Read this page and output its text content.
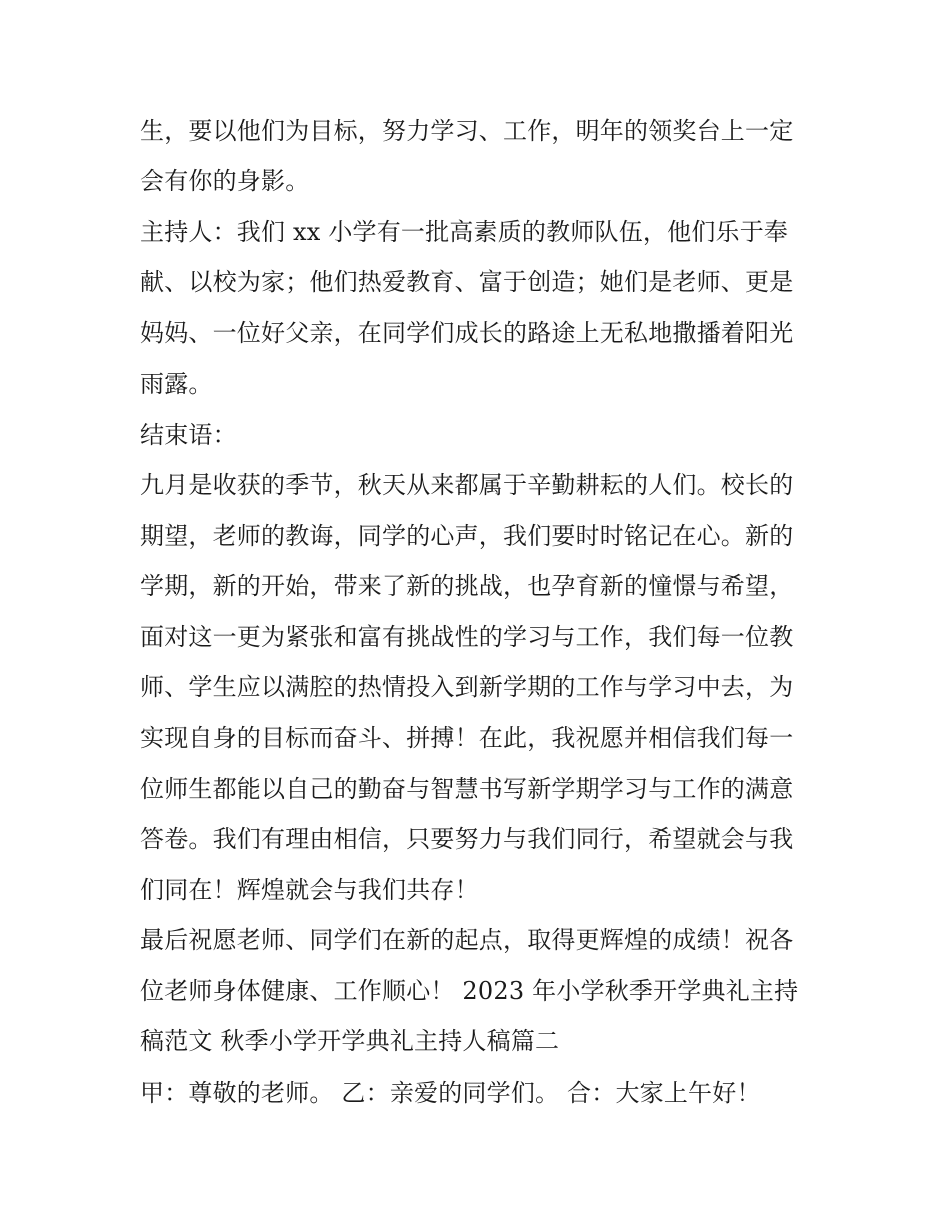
生，要以他们为目标，努力学习、工作，明年的领奖台上一定
会有你的身影。
主持人：我们 xx 小学有一批高素质的教师队伍，他们乐于奉
献、以校为家；他们热爱教育、富于创造；她们是老师、更是
妈妈、一位好父亲，在同学们成长的路途上无私地撒播着阳光
雨露。
结束语：
九月是收获的季节，秋天从来都属于辛勤耕耘的人们。校长的
期望，老师的教诲，同学的心声，我们要时时铭记在心。新的
学期，新的开始，带来了新的挑战，也孕育新的憧憬与希望，
面对这一更为紧张和富有挑战性的学习与工作，我们每一位教
师、学生应以满腔的热情投入到新学期的工作与学习中去，为
实现自身的目标而奋斗、拼搏！在此，我祝愿并相信我们每一
位师生都能以自己的勤奋与智慧书写新学期学习与工作的满意
答卷。我们有理由相信，只要努力与我们同行，希望就会与我
们同在！辉煌就会与我们共存！
最后祝愿老师、同学们在新的起点，取得更辉煌的成绩！祝各
位老师身体健康、工作顺心！ 2023 年小学秋季开学典礼主持
稿范文 秋季小学开学典礼主持人稿篇二
甲：尊敬的老师。 乙：亲爱的同学们。 合：大家上午好！
